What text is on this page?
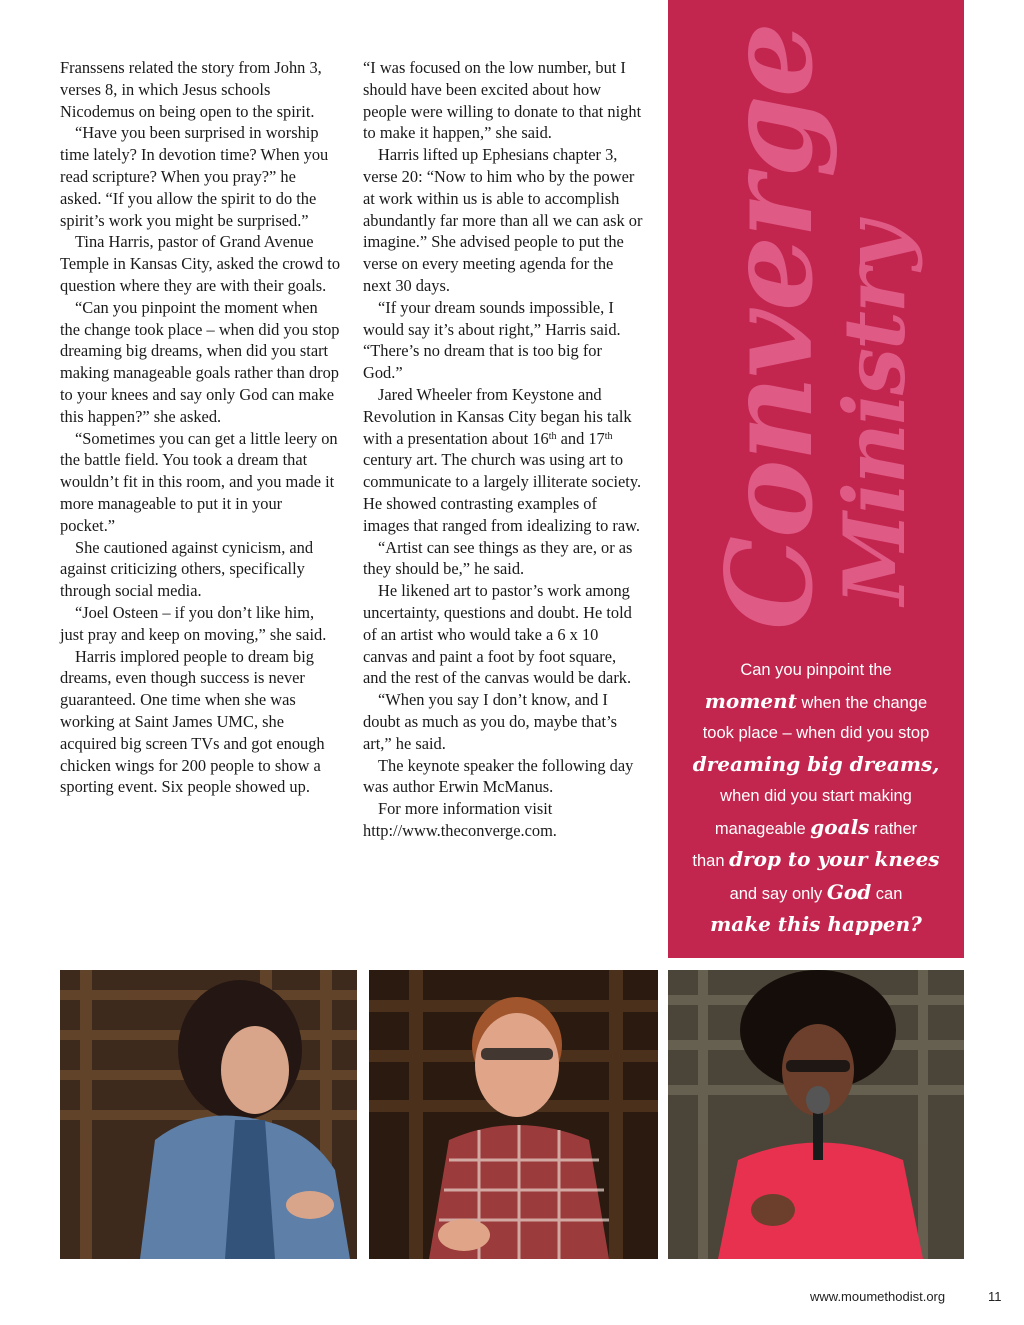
Franssens related the story from John 3, verses 8, in which Jesus schools Nicodemus on being open to the spirit.

“Have you been surprised in worship time lately? In devotion time? When you read scripture? When you pray?” he asked. “If you allow the spirit to do the spirit’s work you might be surprised.”

Tina Harris, pastor of Grand Avenue Temple in Kansas City, asked the crowd to question where they are with their goals.

“Can you pinpoint the moment when the change took place – when did you stop dreaming big dreams, when did you start making manageable goals rather than drop to your knees and say only God can make this happen?” she asked.

“Sometimes you can get a little leery on the battle field. You took a dream that wouldn’t fit in this room, and you made it more manageable to put it in your pocket.”

She cautioned against cynicism, and against criticizing others, specifically through social media.

“Joel Osteen – if you don’t like him, just pray and keep on moving,” she said.

Harris implored people to dream big dreams, even though success is never guaranteed. One time when she was working at Saint James UMC, she acquired big screen TVs and got enough chicken wings for 200 people to show a sporting event. Six people showed up.

“I was focused on the low number, but I should have been excited about how people were willing to donate to that night to make it happen,” she said.

Harris lifted up Ephesians chapter 3, verse 20: “Now to him who by the power at work within us is able to accomplish abundantly far more than all we can ask or imagine.” She advised people to put the verse on every meeting agenda for the next 30 days.

“If your dream sounds impossible, I would say it’s about right,” Harris said. “There’s no dream that is too big for God.”

Jared Wheeler from Keystone and Revolution in Kansas City began his talk with a presentation about 16th and 17th century art. The church was using art to communicate to a largely illiterate society. He showed contrasting examples of images that ranged from idealizing to raw.

“Artist can see things as they are, or as they should be,” he said.

He likened art to pastor’s work among uncertainty, questions and doubt. He told of an artist who would take a 6 x 10 canvas and paint a foot by foot square, and the rest of the canvas would be dark.

“When you say I don’t know, and I doubt as much as you do, maybe that’s art,” he said.

The keynote speaker the following day was author Erwin McManus.

For more information visit http://www.theconverge.com.

Converge
Ministry
Can you pinpoint the
moment when the change
took place – when did you stop
dreaming big dreams,
when did you start making
manageable goals rather
than drop to your knees
and say only God can
make this happen?
www.moumethodist.org	11
